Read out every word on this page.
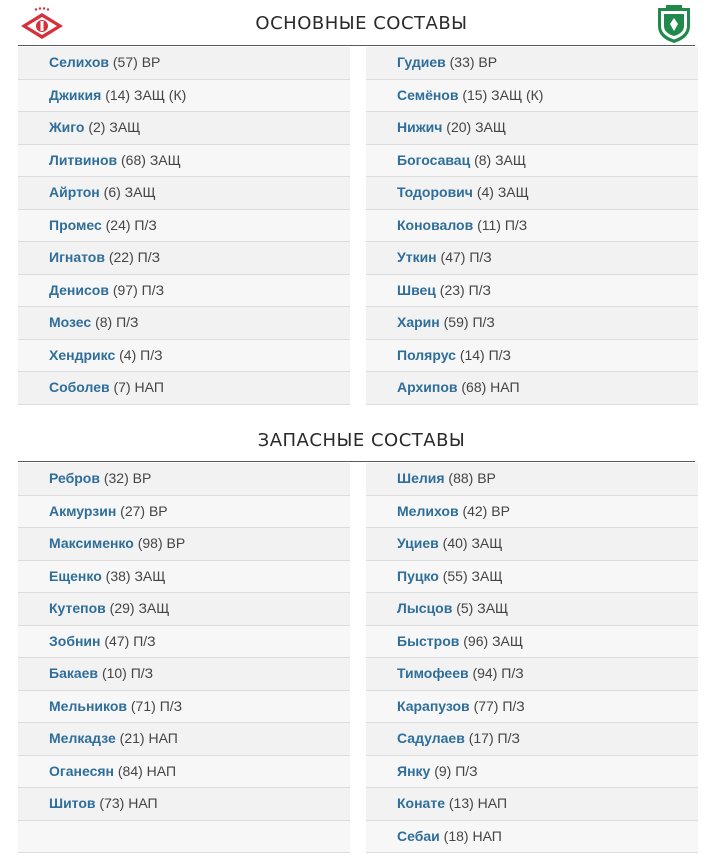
ОСНОВНЫЕ СОСТАВЫ
Селихов (57) ВР
Джикия (14) ЗАЩ (К)
Жиго (2) ЗАЩ
Литвинов (68) ЗАЩ
Айртон (6) ЗАЩ
Промес (24) П/З
Игнатов (22) П/З
Денисов (97) П/З
Мозес (8) П/З
Хендрикс (4) П/З
Соболев (7) НАП
Гудиев (33) ВР
Семёнов (15) ЗАЩ (К)
Нижич (20) ЗАЩ
Богосавац (8) ЗАЩ
Тодорович (4) ЗАЩ
Коновалов (11) П/З
Уткин (47) П/З
Швец (23) П/З
Харин (59) П/З
Полярус (14) П/З
Архипов (68) НАП
ЗАПАСНЫЕ СОСТАВЫ
Ребров (32) ВР
Акмурзин (27) ВР
Максименко (98) ВР
Ещенко (38) ЗАЩ
Кутепов (29) ЗАЩ
Зобнин (47) П/З
Бакаев (10) П/З
Мельников (71) П/З
Мелкадзе (21) НАП
Оганесян (84) НАП
Шитов (73) НАП
Шелия (88) ВР
Мелихов (42) ВР
Уциев (40) ЗАЩ
Пуцко (55) ЗАЩ
Лысцов (5) ЗАЩ
Быстров (96) ЗАЩ
Тимофеев (94) П/З
Карапузов (77) П/З
Садулаев (17) П/З
Янку (9) П/З
Конате (13) НАП
Себаи (18) НАП
